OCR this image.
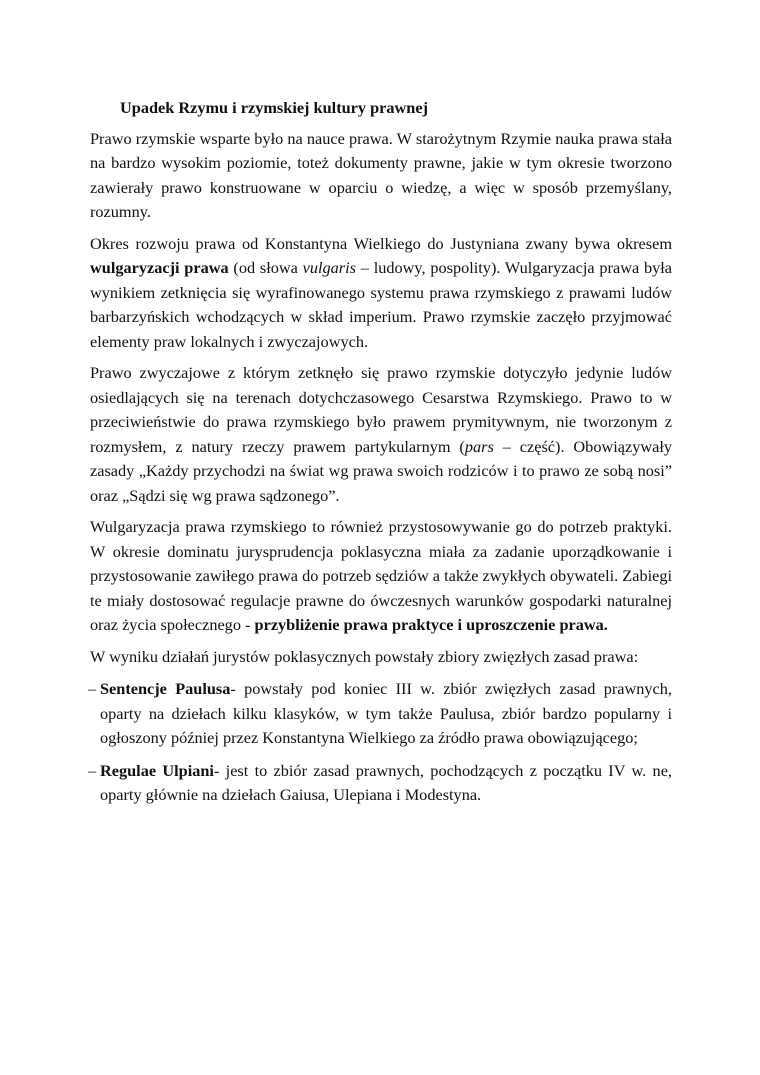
Upadek Rzymu i rzymskiej kultury prawnej

Prawo rzymskie wsparte było na nauce prawa. W starożytnym Rzymie nauka prawa stała na bardzo wysokim poziomie, toteż dokumenty prawne, jakie w tym okresie tworzono zawierały prawo konstruowane w oparciu o wiedzę, a więc w sposób przemyślany, rozumny.

Okres rozwoju prawa od Konstantyna Wielkiego do Justyniana zwany bywa okresem wulgaryzacji prawa (od słowa vulgaris – ludowy, pospolity). Wulgaryzacja prawa była wynikiem zetknięcia się wyrafinowanego systemu prawa rzymskiego z prawami ludów barbarzyńskich wchodzących w skład imperium. Prawo rzymskie zaczęło przyjmować elementy praw lokalnych i zwyczajowych.

Prawo zwyczajowe z którym zetknęło się prawo rzymskie dotyczyło jedynie ludów osiedlających się na terenach dotychczasowego Cesarstwa Rzymskiego. Prawo to w przeciwieństwie do prawa rzymskiego było prawem prymitywnym, nie tworzonym z rozmysłem, z natury rzeczy prawem partykularnym (pars – część). Obowiązywały zasady „Każdy przychodzi na świat wg prawa swoich rodziców i to prawo ze sobą nosi” oraz „Sądzi się wg prawa sądzonego”.

Wulgaryzacja prawa rzymskiego to również przystosowywanie go do potrzeb praktyki. W okresie dominatu jurysprudencja poklasyczna miała za zadanie uporządkowanie i przystosowanie zawiłego prawa do potrzeb sędziów a także zwykłych obywateli. Zabiegi te miały dostosować regulacje prawne do ówczesnych warunków gospodarki naturalnej oraz życia społecznego - przybliżenie prawa praktyce i uproszczenie prawa.

W wyniku działań jurystów poklasycznych powstały zbiory zwięzłych zasad prawa:

– Sentencje Paulusa- powstały pod koniec III w. zbiór zwięzłych zasad prawnych, oparty na dziełach kilku klasyków, w tym także Paulusa, zbiór bardzo popularny i ogłoszony później przez Konstantyna Wielkiego za źródło prawa obowiązującego;
– Regulae Ulpiani- jest to zbiór zasad prawnych, pochodzących z początku IV w. ne, oparty głównie na dziełach Gaiusa, Ulepiana i Modestyna.
